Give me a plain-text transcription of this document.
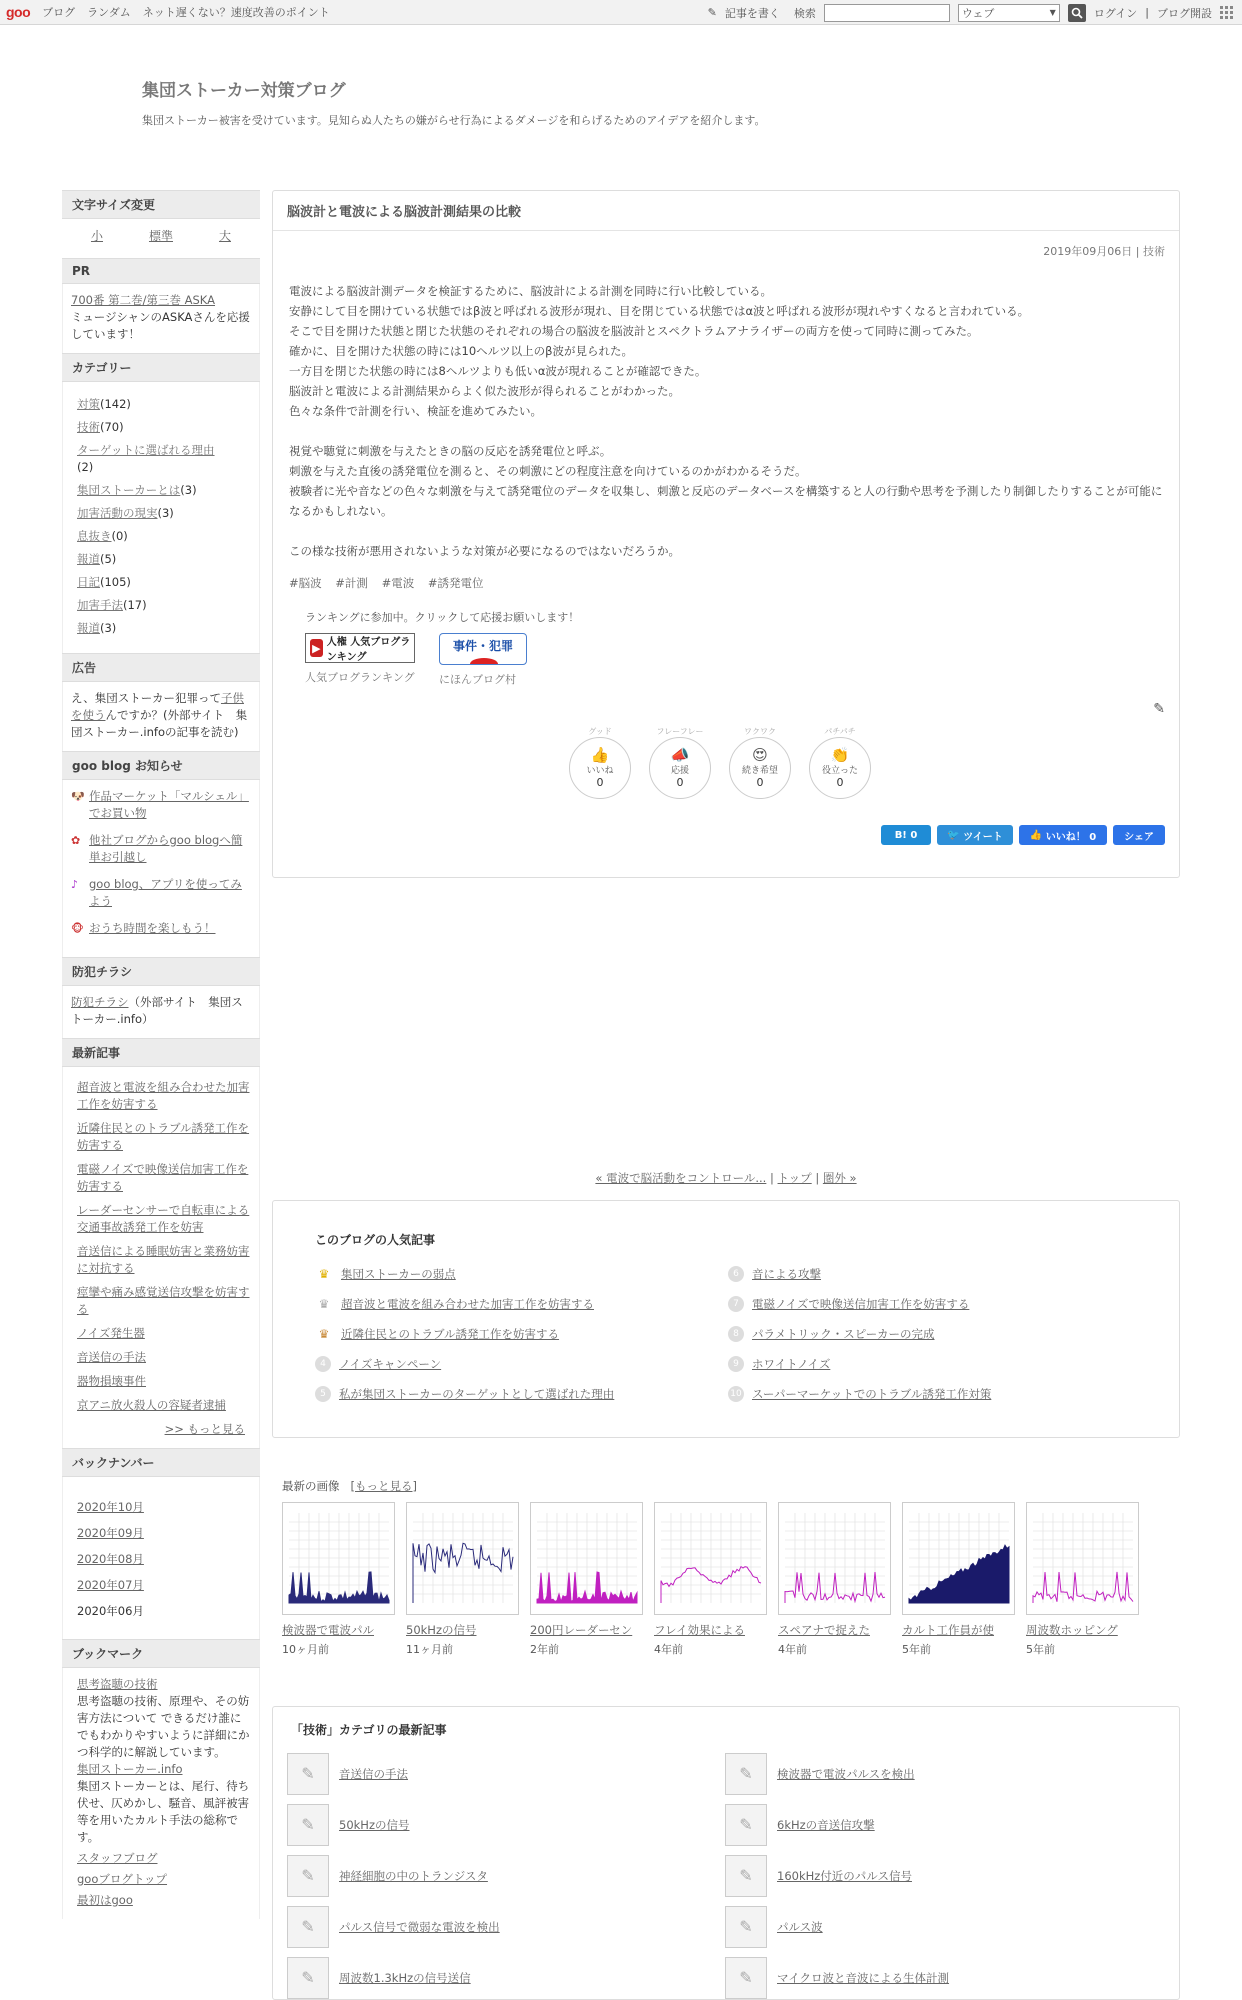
goo ブログ ランダム ネット遅くない？速度改善のポイント	✎ 記事を書く 検索	ウェブ	▼	ログイン | ブログ開設
集団ストーカー対策ブログ
集団ストーカー被害を受けています。見知らぬ人たちの嫌がらせ行為によるダメージを和らげるためのアイデアを紹介します。
文字サイズ変更
小	標準	大
PR
700番 第二巻/第三巻 ASKA
ミュージシャンのASKAさんを応援しています！
カテゴリー
対策(142)
技術(70)
ターゲットに選ばれる理由
(2)
集団ストーカーとは(3)
加害活動の現実(3)
息抜き(0)
報道(5)
日記(105)
加害手法(17)
報道(3)
広告
え、集団ストーカー犯罪って子供を使うんですか？(外部サイト　集団ストーカー.infoの記事を読む)
goo blog お知らせ
🐶 作品マーケット「マルシェル」でお買い物
✿ 他社ブログからgoo blogへ簡単お引越し
♪ goo blog、アプリを使ってみよう
🐵 おうち時間を楽しもう！
防犯チラシ
防犯チラシ（外部サイト　集団ストーカー.info）
最新記事
超音波と電波を組み合わせた加害工作を妨害する
近隣住民とのトラブル誘発工作を妨害する
電磁ノイズで映像送信加害工作を妨害する
レーダーセンサーで自転車による交通事故誘発工作を妨害
音送信による睡眠妨害と業務妨害に対抗する
痙攣や痛み感覚送信攻撃を妨害する
ノイズ発生器
音送信の手法
器物損壊事件
京アニ放火殺人の容疑者逮捕
>> もっと見る
バックナンバー
2020年10月
2020年09月
2020年08月
2020年07月
2020年06月
ブックマーク
思考盗聴の技術
思考盗聴の技術、原理や、その妨害方法について できるだけ誰にでもわかりやすいように詳細にかつ科学的に解説しています。
集団ストーカー.info
集団ストーカーとは、尾行、待ち伏せ、仄めかし、騒音、風評被害等を用いたカルト手法の総称です。
スタッフブログ
gooブログトップ
最初はgoo
脳波計と電波による脳波計測結果の比較
2019年09月06日 | 技術

電波による脳波計測データを検証するために、脳波計による計測を同時に行い比較している。

安静にして目を開けている状態ではβ波と呼ばれる波形が現れ、目を閉じている状態ではα波と呼ばれる波形が現れやすくなると言われている。

そこで目を開けた状態と閉じた状態のそれぞれの場合の脳波を脳波計とスペクトラムアナライザーの両方を使って同時に測ってみた。

確かに、目を開けた状態の時には10ヘルツ以上のβ波が見られた。

一方目を閉じた状態の時には8ヘルツよりも低いα波が現れることが確認できた。

脳波計と電波による計測結果からよく似た波形が得られることがわかった。

色々な条件で計測を行い、検証を進めてみたい。

視覚や聴覚に刺激を与えたときの脳の反応を誘発電位と呼ぶ。

刺激を与えた直後の誘発電位を測ると、その刺激にどの程度注意を向けているのかがわかるそうだ。

被験者に光や音などの色々な刺激を与えて誘発電位のデータを収集し、刺激と反応のデータベースを構築すると人の行動や思考を予測したり制御したりすることが可能になるかもしれない。

この様な技術が悪用されないような対策が必要になるのではないだろうか。

#脳波 #計測 #電波 #誘発電位
ランキングに参加中。クリックして応援お願いします！
▶ 人権 人気ブログランキング
人気ブログランキング
事件・犯罪
にほんブログ村
✎
グッド
👍
いいね
0
フレーフレー
📣
応援
0
ワクワク
😍
続き希望
0
パチパチ
👏
役立った
0
B! 0	🐦
ツイート	👍
いいね！ 0	シェア
« 電波で脳活動をコントロール... | トップ | 圏外 »
このブログの人気記事
♛	集団ストーカーの弱点
♛	超音波と電波を組み合わせた加害工作を妨害する
♛	近隣住民とのトラブル誘発工作を妨害する
4	ノイズキャンペーン
5	私が集団ストーカーのターゲットとして選ばれた理由
6	音による攻撃
7	電磁ノイズで映像送信加害工作を妨害する
8	パラメトリック・スピーカーの完成
9	ホワイトノイズ
10 スーパーマーケットでのトラブル誘発工作対策
最新の画像 [もっと見る]
検波器で電波パル
10ヶ月前
50kHzの信号
11ヶ月前
200円レーダーセン
2年前
フレイ効果による
4年前
スペアナで捉えた
4年前
カルト工作員が使
5年前
周波数ホッピング
5年前
「技術」カテゴリの最新記事
✎	音送信の手法	✎	検波器で電波パルスを検出
✎	50kHzの信号	✎	6kHzの音送信攻撃
✎	神経細胞の中のトランジスタ	✎	160kHz付近のパルス信号
✎	パルス信号で微弱な電波を検出	✎	パルス波
✎	周波数1.3kHzの信号送信	✎	マイクロ波と音波による生体計測
